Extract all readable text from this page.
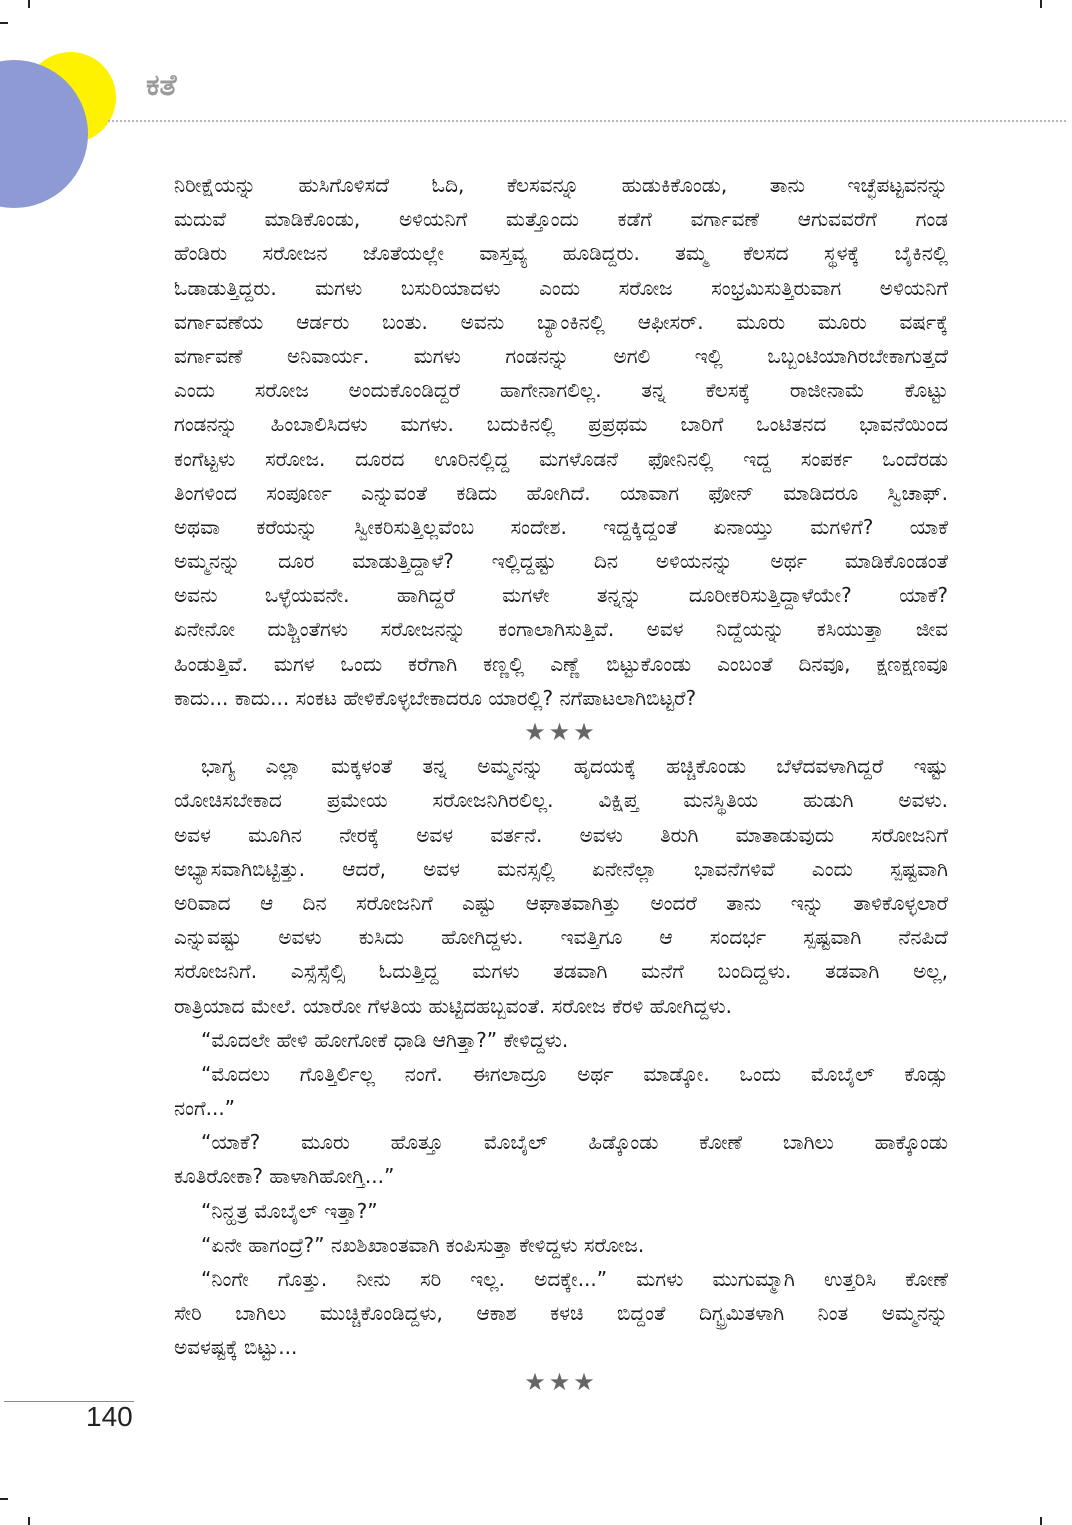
ಕತೆ
ನಿರೀಕ್ಷೆಯನ್ನು ಹುಸಿಗೊಳಿಸದೆ ಓದಿ, ಕೆಲಸವನ್ನೂ ಹುಡುಕಿಕೊಂಡು, ತಾನು ಇಚ್ಛೆಪಟ್ಟವನನ್ನು
ಮದುವೆ ಮಾಡಿಕೊಂಡು, ಅಳಿಯನಿಗೆ ಮತ್ತೊಂದು ಕಡೆಗೆ ವರ್ಗಾವಣೆ ಆಗುವವರೆಗೆ ಗಂಡ
ಹೆಂಡಿರು ಸರೋಜನ ಜೊತೆಯಲ್ಲೇ ವಾಸ್ತವ್ಯ ಹೂಡಿದ್ದರು. ತಮ್ಮ ಕೆಲಸದ ಸ್ಥಳಕ್ಕೆ ಬೈಕಿನಲ್ಲಿ
ಓಡಾಡುತ್ತಿದ್ದರು. ಮಗಳು ಬಸುರಿಯಾದಳು ಎಂದು ಸರೋಜ ಸಂಭ್ರಮಿಸುತ್ತಿರುವಾಗ ಅಳಿಯನಿಗೆ
ವರ್ಗಾವಣೆಯ ಆರ್ಡರು ಬಂತು. ಅವನು ಬ್ಯಾಂಕಿನಲ್ಲಿ ಆಫೀಸರ್. ಮೂರು ಮೂರು ವರ್ಷಕ್ಕೆ
ವರ್ಗಾವಣೆ ಅನಿವಾರ್ಯ. ಮಗಳು ಗಂಡನನ್ನು ಅಗಲಿ ಇಲ್ಲಿ ಒಬ್ಬಂಟಿಯಾಗಿರಬೇಕಾಗುತ್ತದೆ
ಎಂದು ಸರೋಜ ಅಂದುಕೊಂಡಿದ್ದರೆ ಹಾಗೇನಾಗಲಿಲ್ಲ. ತನ್ನ ಕೆಲಸಕ್ಕೆ ರಾಜೀನಾಮೆ ಕೊಟ್ಟು
ಗಂಡನನ್ನು ಹಿಂಬಾಲಿಸಿದಳು ಮಗಳು. ಬದುಕಿನಲ್ಲಿ ಪ್ರಪ್ರಥಮ ಬಾರಿಗೆ ಒಂಟಿತನದ ಭಾವನೆಯಿಂದ
ಕಂಗೆಟ್ಟಳು ಸರೋಜ. ದೂರದ ಊರಿನಲ್ಲಿದ್ದ ಮಗಳೊಡನೆ ಫೋನಿನಲ್ಲಿ ಇದ್ದ ಸಂಪರ್ಕ ಒಂದೆರಡು
ತಿಂಗಳಿಂದ ಸಂಪೂರ್ಣ ಎನ್ನುವಂತೆ ಕಡಿದು ಹೋಗಿದೆ. ಯಾವಾಗ ಫೋನ್ ಮಾಡಿದರೂ ಸ್ವಿಚಾಫ್.
ಅಥವಾ ಕರೆಯನ್ನು ಸ್ವೀಕರಿಸುತ್ತಿಲ್ಲವೆಂಬ ಸಂದೇಶ. ಇದ್ದಕ್ಕಿದ್ದಂತೆ ಏನಾಯ್ತು ಮಗಳಿಗೆ? ಯಾಕೆ
ಅಮ್ಮನನ್ನು ದೂರ ಮಾಡುತ್ತಿದ್ದಾಳೆ? ಇಲ್ಲಿದ್ದಷ್ಟು ದಿನ ಅಳಿಯನನ್ನು ಅರ್ಥ ಮಾಡಿಕೊಂಡಂತೆ
ಅವನು ಒಳ್ಳೆಯವನೇ. ಹಾಗಿದ್ದರೆ ಮಗಳೇ ತನ್ನನ್ನು ದೂರೀಕರಿಸುತ್ತಿದ್ದಾಳೆಯೇ? ಯಾಕೆ?
ಏನೇನೋ ದುಶ್ಚಿಂತೆಗಳು ಸರೋಜನನ್ನು ಕಂಗಾಲಾಗಿಸುತ್ತಿವೆ. ಅವಳ ನಿದ್ದೆಯನ್ನು ಕಸಿಯುತ್ತಾ ಜೀವ
ಹಿಂಡುತ್ತಿವೆ. ಮಗಳ ಒಂದು ಕರೆಗಾಗಿ ಕಣ್ಣಲ್ಲಿ ಎಣ್ಣೆ ಬಿಟ್ಟುಕೊಂಡು ಎಂಬಂತೆ ದಿನವೂ, ಕ್ಷಣಕ್ಷಣವೂ
ಕಾದು... ಕಾದು... ಸಂಕಟ ಹೇಳಿಕೊಳ್ಳಬೇಕಾದರೂ ಯಾರಲ್ಲಿ? ನಗೆಪಾಟಲಾಗಿಬಿಟ್ಟರೆ?
★★★
ಭಾಗ್ಯ ಎಲ್ಲಾ ಮಕ್ಕಳಂತೆ ತನ್ನ ಅಮ್ಮನನ್ನು ಹೃದಯಕ್ಕೆ ಹಚ್ಚಿಕೊಂಡು ಬೆಳೆದವಳಾಗಿದ್ದರೆ ಇಷ್ಟು
ಯೋಚಿಸಬೇಕಾದ ಪ್ರಮೇಯ ಸರೋಜನಿಗಿರಲಿಲ್ಲ. ವಿಕ್ಷಿಪ್ತ ಮನಸ್ಥಿತಿಯ ಹುಡುಗಿ ಅವಳು.
ಅವಳ ಮೂಗಿನ ನೇರಕ್ಕೆ ಅವಳ ವರ್ತನೆ. ಅವಳು ತಿರುಗಿ ಮಾತಾಡುವುದು ಸರೋಜನಿಗೆ
ಅಭ್ಯಾಸವಾಗಿಬಿಟ್ಟಿತ್ತು. ಆದರೆ, ಅವಳ ಮನಸ್ಸಲ್ಲಿ ಏನೇನೆಲ್ಲಾ ಭಾವನೆಗಳಿವೆ ಎಂದು ಸ್ಪಷ್ಟವಾಗಿ
ಅರಿವಾದ ಆ ದಿನ ಸರೋಜನಿಗೆ ಎಷ್ಟು ಆಘಾತವಾಗಿತ್ತು ಅಂದರೆ ತಾನು ಇನ್ನು ತಾಳಿಕೊಳ್ಳಲಾರೆ
ಎನ್ನುವಷ್ಟು ಅವಳು ಕುಸಿದು ಹೋಗಿದ್ದಳು. ಇವತ್ತಿಗೂ ಆ ಸಂದರ್ಭ ಸ್ಪಷ್ಟವಾಗಿ ನೆನಪಿದೆ
ಸರೋಜನಿಗೆ. ಎಸ್ಸೆಸ್ಸೆಲ್ಸಿ ಓದುತ್ತಿದ್ದ ಮಗಳು ತಡವಾಗಿ ಮನೆಗೆ ಬಂದಿದ್ದಳು. ತಡವಾಗಿ ಅಲ್ಲ,
ರಾತ್ರಿಯಾದ ಮೇಲೆ. ಯಾರೋ ಗೆಳತಿಯ ಹುಟ್ಟಿದಹಬ್ಬವಂತೆ. ಸರೋಜ ಕೆರಳಿ ಹೋಗಿದ್ದಳು.
“ಮೊದಲೇ ಹೇಳಿ ಹೋಗೋಕೆ ಧಾಡಿ ಆಗಿತ್ತಾ?” ಕೇಳಿದ್ದಳು.
“ಮೊದಲು ಗೊತ್ತಿರ್ಲಿಲ್ಲ ನಂಗೆ. ಈಗಲಾದ್ರೂ ಅರ್ಥ ಮಾಡ್ಕೋ. ಒಂದು ಮೊಬೈಲ್ ಕೊಡ್ಸು
ನಂಗೆ...”
“ಯಾಕೆ? ಮೂರು ಹೊತ್ತೂ ಮೊಬೈಲ್ ಹಿಡ್ಕೊಂಡು ಕೋಣೆ ಬಾಗಿಲು ಹಾಕ್ಕೊಂಡು
ಕೂತಿರೋಕಾ? ಹಾಳಾಗಿಹೋಗ್ತಿ...”
“ನಿನ್ಹತ್ರ ಮೊಬೈಲ್ ಇತ್ತಾ?”
“ಏನೇ ಹಾಗಂದ್ರೆ?” ನಖಶಿಖಾಂತವಾಗಿ ಕಂಪಿಸುತ್ತಾ ಕೇಳಿದ್ದಳು ಸರೋಜ.
“ನಿಂಗೇ ಗೊತ್ತು. ನೀನು ಸರಿ ಇಲ್ಲ. ಅದಕ್ಕೇ...” ಮಗಳು ಮುಗುಮ್ಮಾಗಿ ಉತ್ತರಿಸಿ ಕೋಣೆ
ಸೇರಿ ಬಾಗಿಲು ಮುಚ್ಚಿಕೊಂಡಿದ್ದಳು, ಆಕಾಶ ಕಳಚಿ ಬಿದ್ದಂತೆ ದಿಗ್ಭ್ರಮಿತಳಾಗಿ ನಿಂತ ಅಮ್ಮನನ್ನು
ಅವಳಷ್ಟಕ್ಕೆ ಬಿಟ್ಟು...
★★★
140
